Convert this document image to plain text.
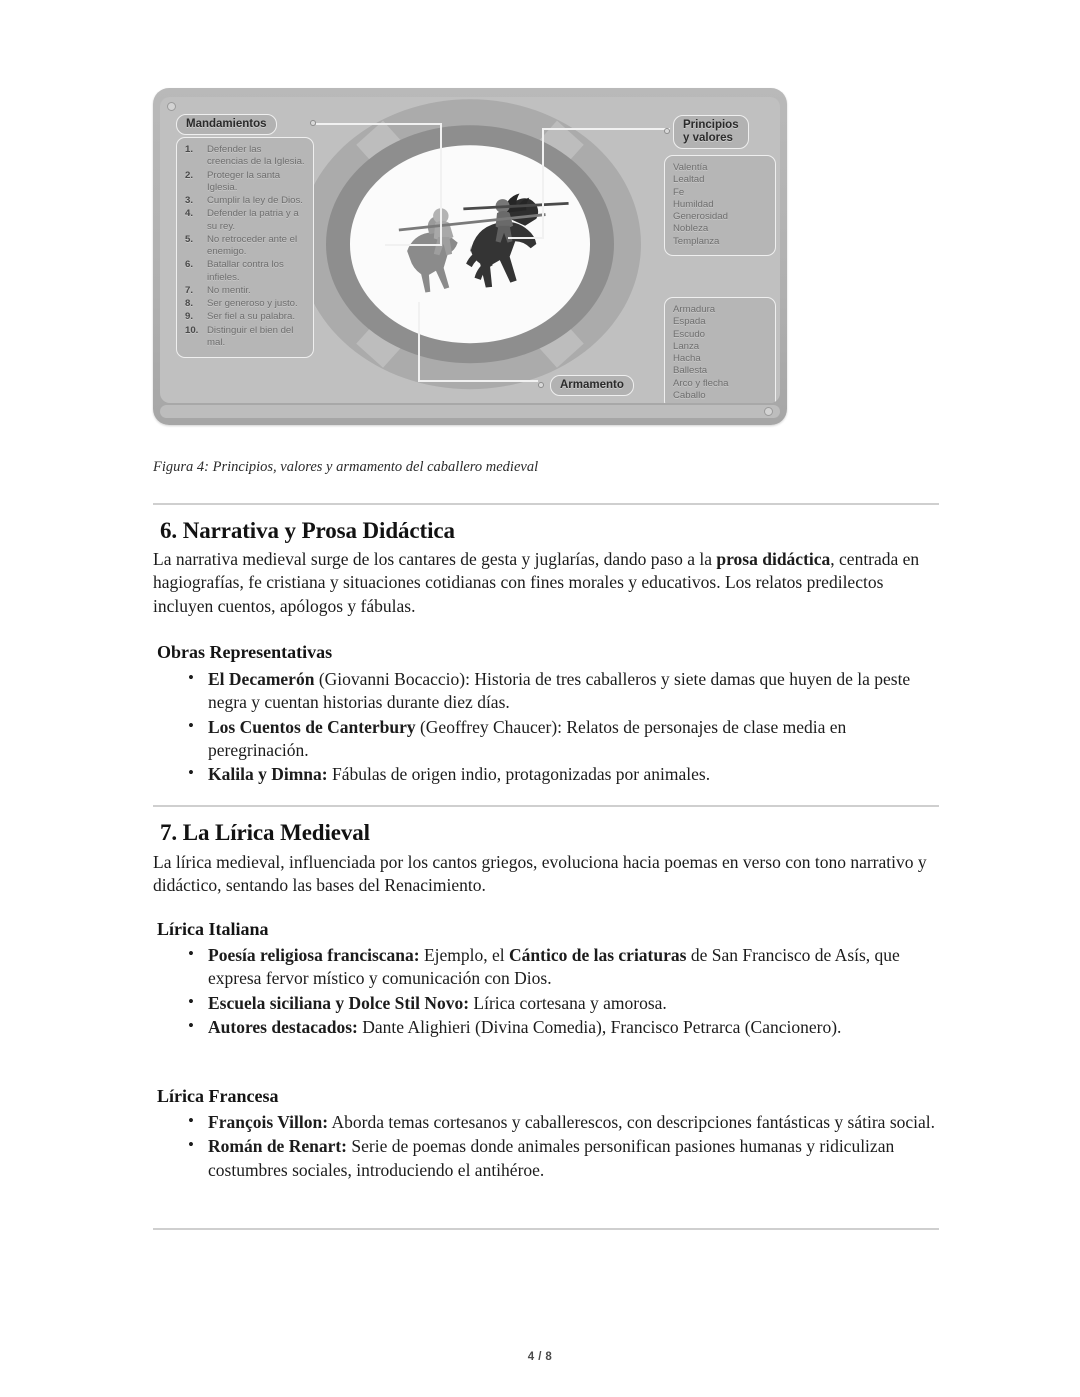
Mandamientos
1.	Defender las creencias de la Iglesia.
2.	Proteger la santa Iglesia.
3.	Cumplir la ley de Dios.
4.	Defender la patria y a su rey.
5.	No retroceder ante el enemigo.
6.	Batallar contra los infieles.
7.	No mentir.
8.	Ser generoso y justo.
9.	Ser fiel a su palabra.
10. Distinguir el bien del mal.
Principios
y valores
Valentía
Lealtad
Fe
Humildad
Generosidad
Nobleza
Templanza
Armadura
Espada
Escudo
Lanza
Hacha
Ballesta
Arco y flecha
Caballo
Armamento
Figura 4: Principios, valores y armamento del caballero medieval
6. Narrativa y Prosa Didáctica

La narrativa medieval surge de los cantares de gesta y juglarías, dando paso a la prosa didáctica, centrada en hagiografías, fe cristiana y situaciones cotidianas con fines morales y educativos. Los relatos predilectos incluyen cuentos, apólogos y fábulas.

Obras Representativas
• El Decamerón (Giovanni Bocaccio): Historia de tres caballeros y siete damas que huyen de la peste negra y cuentan historias durante diez días.
• Los Cuentos de Canterbury (Geoffrey Chaucer): Relatos de personajes de clase media en peregrinación.
• Kalila y Dimna: Fábulas de origen indio, protagonizadas por animales.
7. La Lírica Medieval

La lírica medieval, influenciada por los cantos griegos, evoluciona hacia poemas en verso con tono narrativo y didáctico, sentando las bases del Renacimiento.

Lírica Italiana
• Poesía religiosa franciscana: Ejemplo, el Cántico de las criaturas de San Francisco de Asís, que expresa fervor místico y comunicación con Dios.
• Escuela siciliana y Dolce Stil Novo: Lírica cortesana y amorosa.
• Autores destacados: Dante Alighieri (Divina Comedia), Francisco Petrarca (Cancionero).
Lírica Francesa
• François Villon: Aborda temas cortesanos y caballerescos, con descripciones fantásticas y sátira social.
• Román de Renart: Serie de poemas donde animales personifican pasiones humanas y ridiculizan costumbres sociales, introduciendo el antihéroe.
4 / 8
